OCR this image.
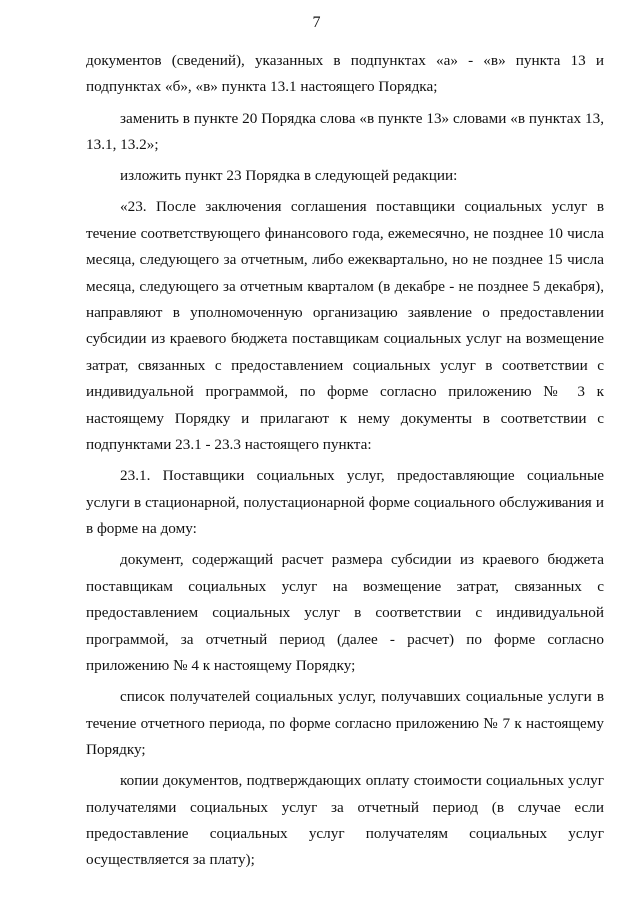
7

документов (сведений), указанных в подпунктах «а» - «в» пункта 13 и подпунктах «б», «в» пункта 13.1 настоящего Порядка;

заменить в пункте 20 Порядка слова «в пункте 13» словами «в пунктах 13, 13.1, 13.2»;

изложить пункт 23 Порядка в следующей редакции:

«23. После заключения соглашения поставщики социальных услуг в течение соответствующего финансового года, ежемесячно, не позднее 10 числа месяца, следующего за отчетным, либо ежеквартально, но не позднее 15 числа месяца, следующего за отчетным кварталом (в декабре - не позднее 5 декабря), направляют в уполномоченную организацию заявление о предоставлении субсидии из краевого бюджета поставщикам социальных услуг на возмещение затрат, связанных с предоставлением социальных услуг в соответствии с индивидуальной программой, по форме согласно приложению № 3 к настоящему Порядку и прилагают к нему документы в соответствии с подпунктами 23.1 - 23.3 настоящего пункта:

23.1. Поставщики социальных услуг, предоставляющие социальные услуги в стационарной, полустационарной форме социального обслуживания и в форме на дому:

документ, содержащий расчет размера субсидии из краевого бюджета поставщикам социальных услуг на возмещение затрат, связанных с предоставлением социальных услуг в соответствии с индивидуальной программой, за отчетный период (далее - расчет) по форме согласно приложению № 4 к настоящему Порядку;

список получателей социальных услуг, получавших социальные услуги в течение отчетного периода, по форме согласно приложению № 7 к настоящему Порядку;

копии документов, подтверждающих оплату стоимости социальных услуг получателями социальных услуг за отчетный период (в случае если предоставление социальных услуг получателям социальных услуг осуществляется за плату);
